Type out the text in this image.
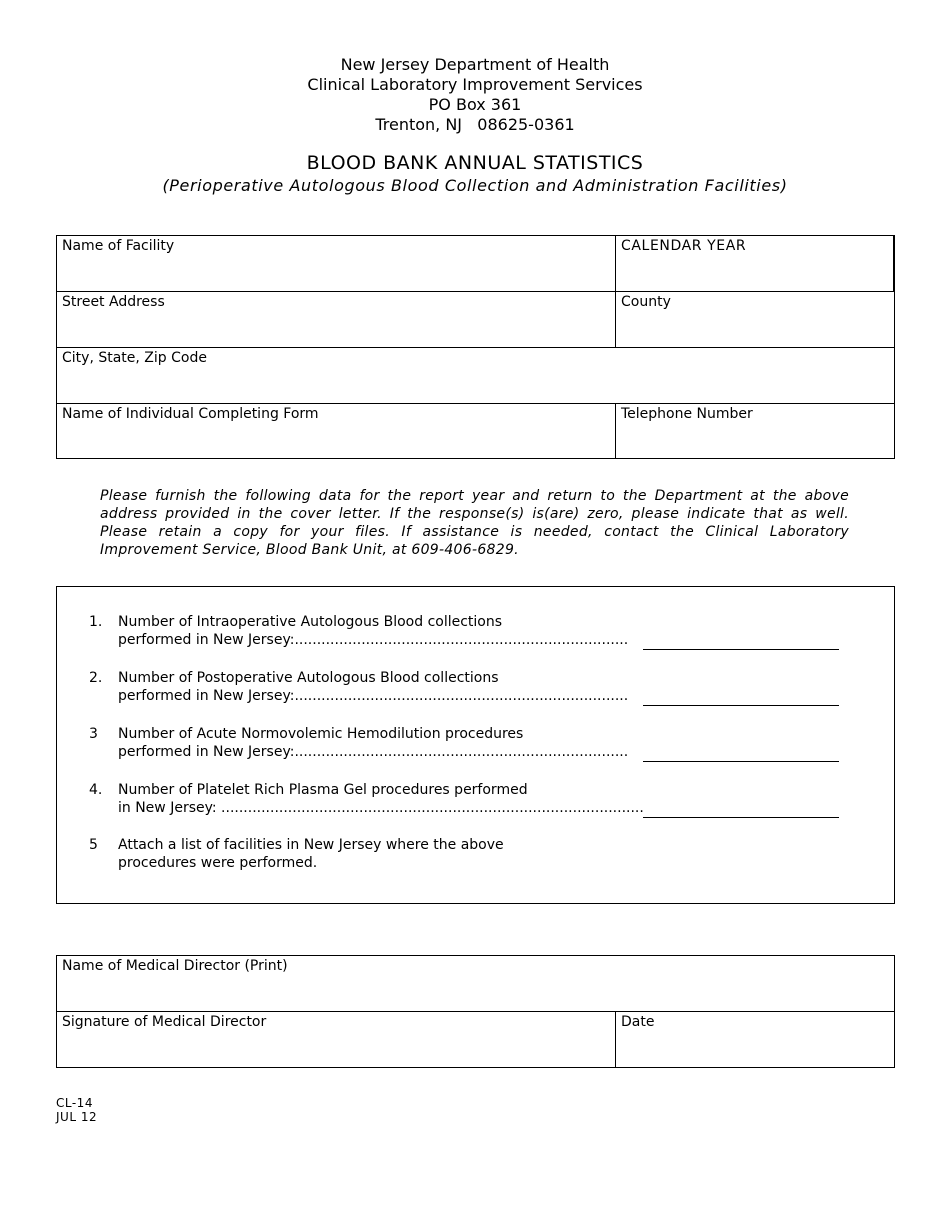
New Jersey Department of Health
Clinical Laboratory Improvement Services
PO Box 361
Trenton, NJ   08625-0361
BLOOD BANK ANNUAL STATISTICS
(Perioperative Autologous Blood Collection and Administration Facilities)
Name of Facility	CALENDAR YEAR
Street Address	County
City, State, Zip Code
Name of Individual Completing Form	Telephone Number
Please furnish the following data for the report year and return to the Department at the above address provided in the cover letter. If the response(s) is(are) zero, please indicate that as well. Please retain a copy for your files. If assistance is needed, contact the Clinical Laboratory Improvement Service, Blood Bank Unit, at 609-406-6829.
1. Number of Intraoperative Autologous Blood collections
performed in New Jersey:...........................................................................
2. Number of Postoperative Autologous Blood collections
performed in New Jersey:...........................................................................
3 Number of Acute Normovolemic Hemodilution procedures
performed in New Jersey:...........................................................................
4. Number of Platelet Rich Plasma Gel procedures performed
in New Jersey: ...............................................................................................
5 Attach a list of facilities in New Jersey where the above
procedures were performed.
Name of Medical Director (Print)
Signature of Medical Director	Date
CL-14
JUL 12
